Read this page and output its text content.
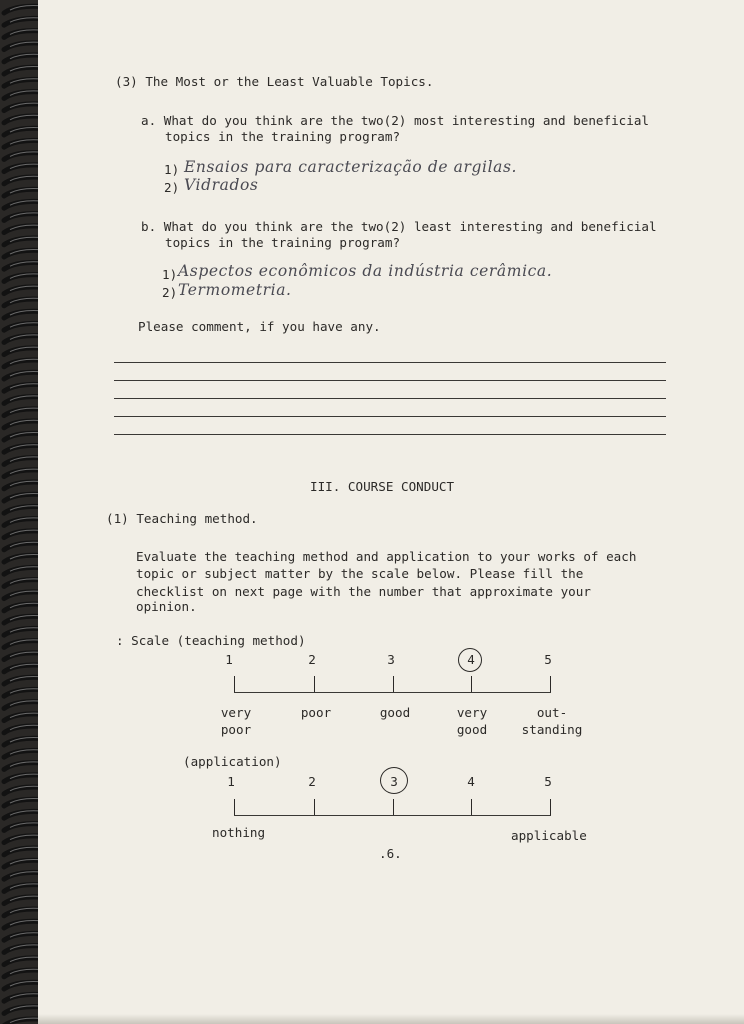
(3) The Most or the Least Valuable Topics.
a. What do you think are the two(2) most interesting and beneficial
topics in the training program?
1) Ensaios para caracterização de argilas.
2) Vidrados
b. What do you think are the two(2) least interesting and beneficial
topics in the training program?
1) Aspectos econômicos da indústria cerâmica.
2) Termometria.
Please comment, if you have any.
III. COURSE CONDUCT
(1) Teaching method.
Evaluate the teaching method and application to your works of each
topic or subject matter by the scale below. Please fill the
checklist on next page with the number that approximate your
opinion.
: Scale (teaching method)
1	2	3	4	5
very
poor
poor	good	very
good
out-
standing
(application)
1	2	3	4	5
nothing	applicable
.6.
